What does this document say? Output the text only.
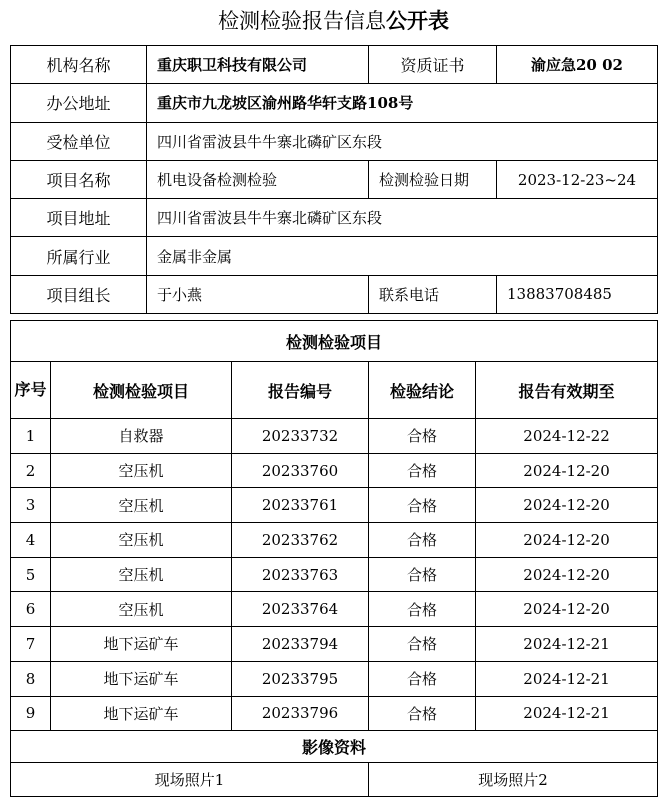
检测检验报告信息公开表
机构名称	重庆职卫科技有限公司	资质证书	渝应急20 02
办公地址	重庆市九龙坡区渝州路华轩支路108号		
受检单位	四川省雷波县牛牛寨北磷矿区东段		
项目名称	机电设备检测检验	检测检验日期	2023-12-23~24
项目地址	四川省雷波县牛牛寨北磷矿区东段		
所属行业	金属非金属		
项目组长	于小燕	联系电话	13883708485
检测检验项目				
序号	检测检验项目	报告编号	检验结论	报告有效期至
1	自救器	20233732	合格	2024-12-22
2	空压机	20233760	合格	2024-12-20
3	空压机	20233761	合格	2024-12-20
4	空压机	20233762	合格	2024-12-20
5	空压机	20233763	合格	2024-12-20
6	空压机	20233764	合格	2024-12-20
7	地下运矿车	20233794	合格	2024-12-21
8	地下运矿车	20233795	合格	2024-12-21
9	地下运矿车	20233796	合格	2024-12-21
影像资料				
现场照片1			现场照片2	
